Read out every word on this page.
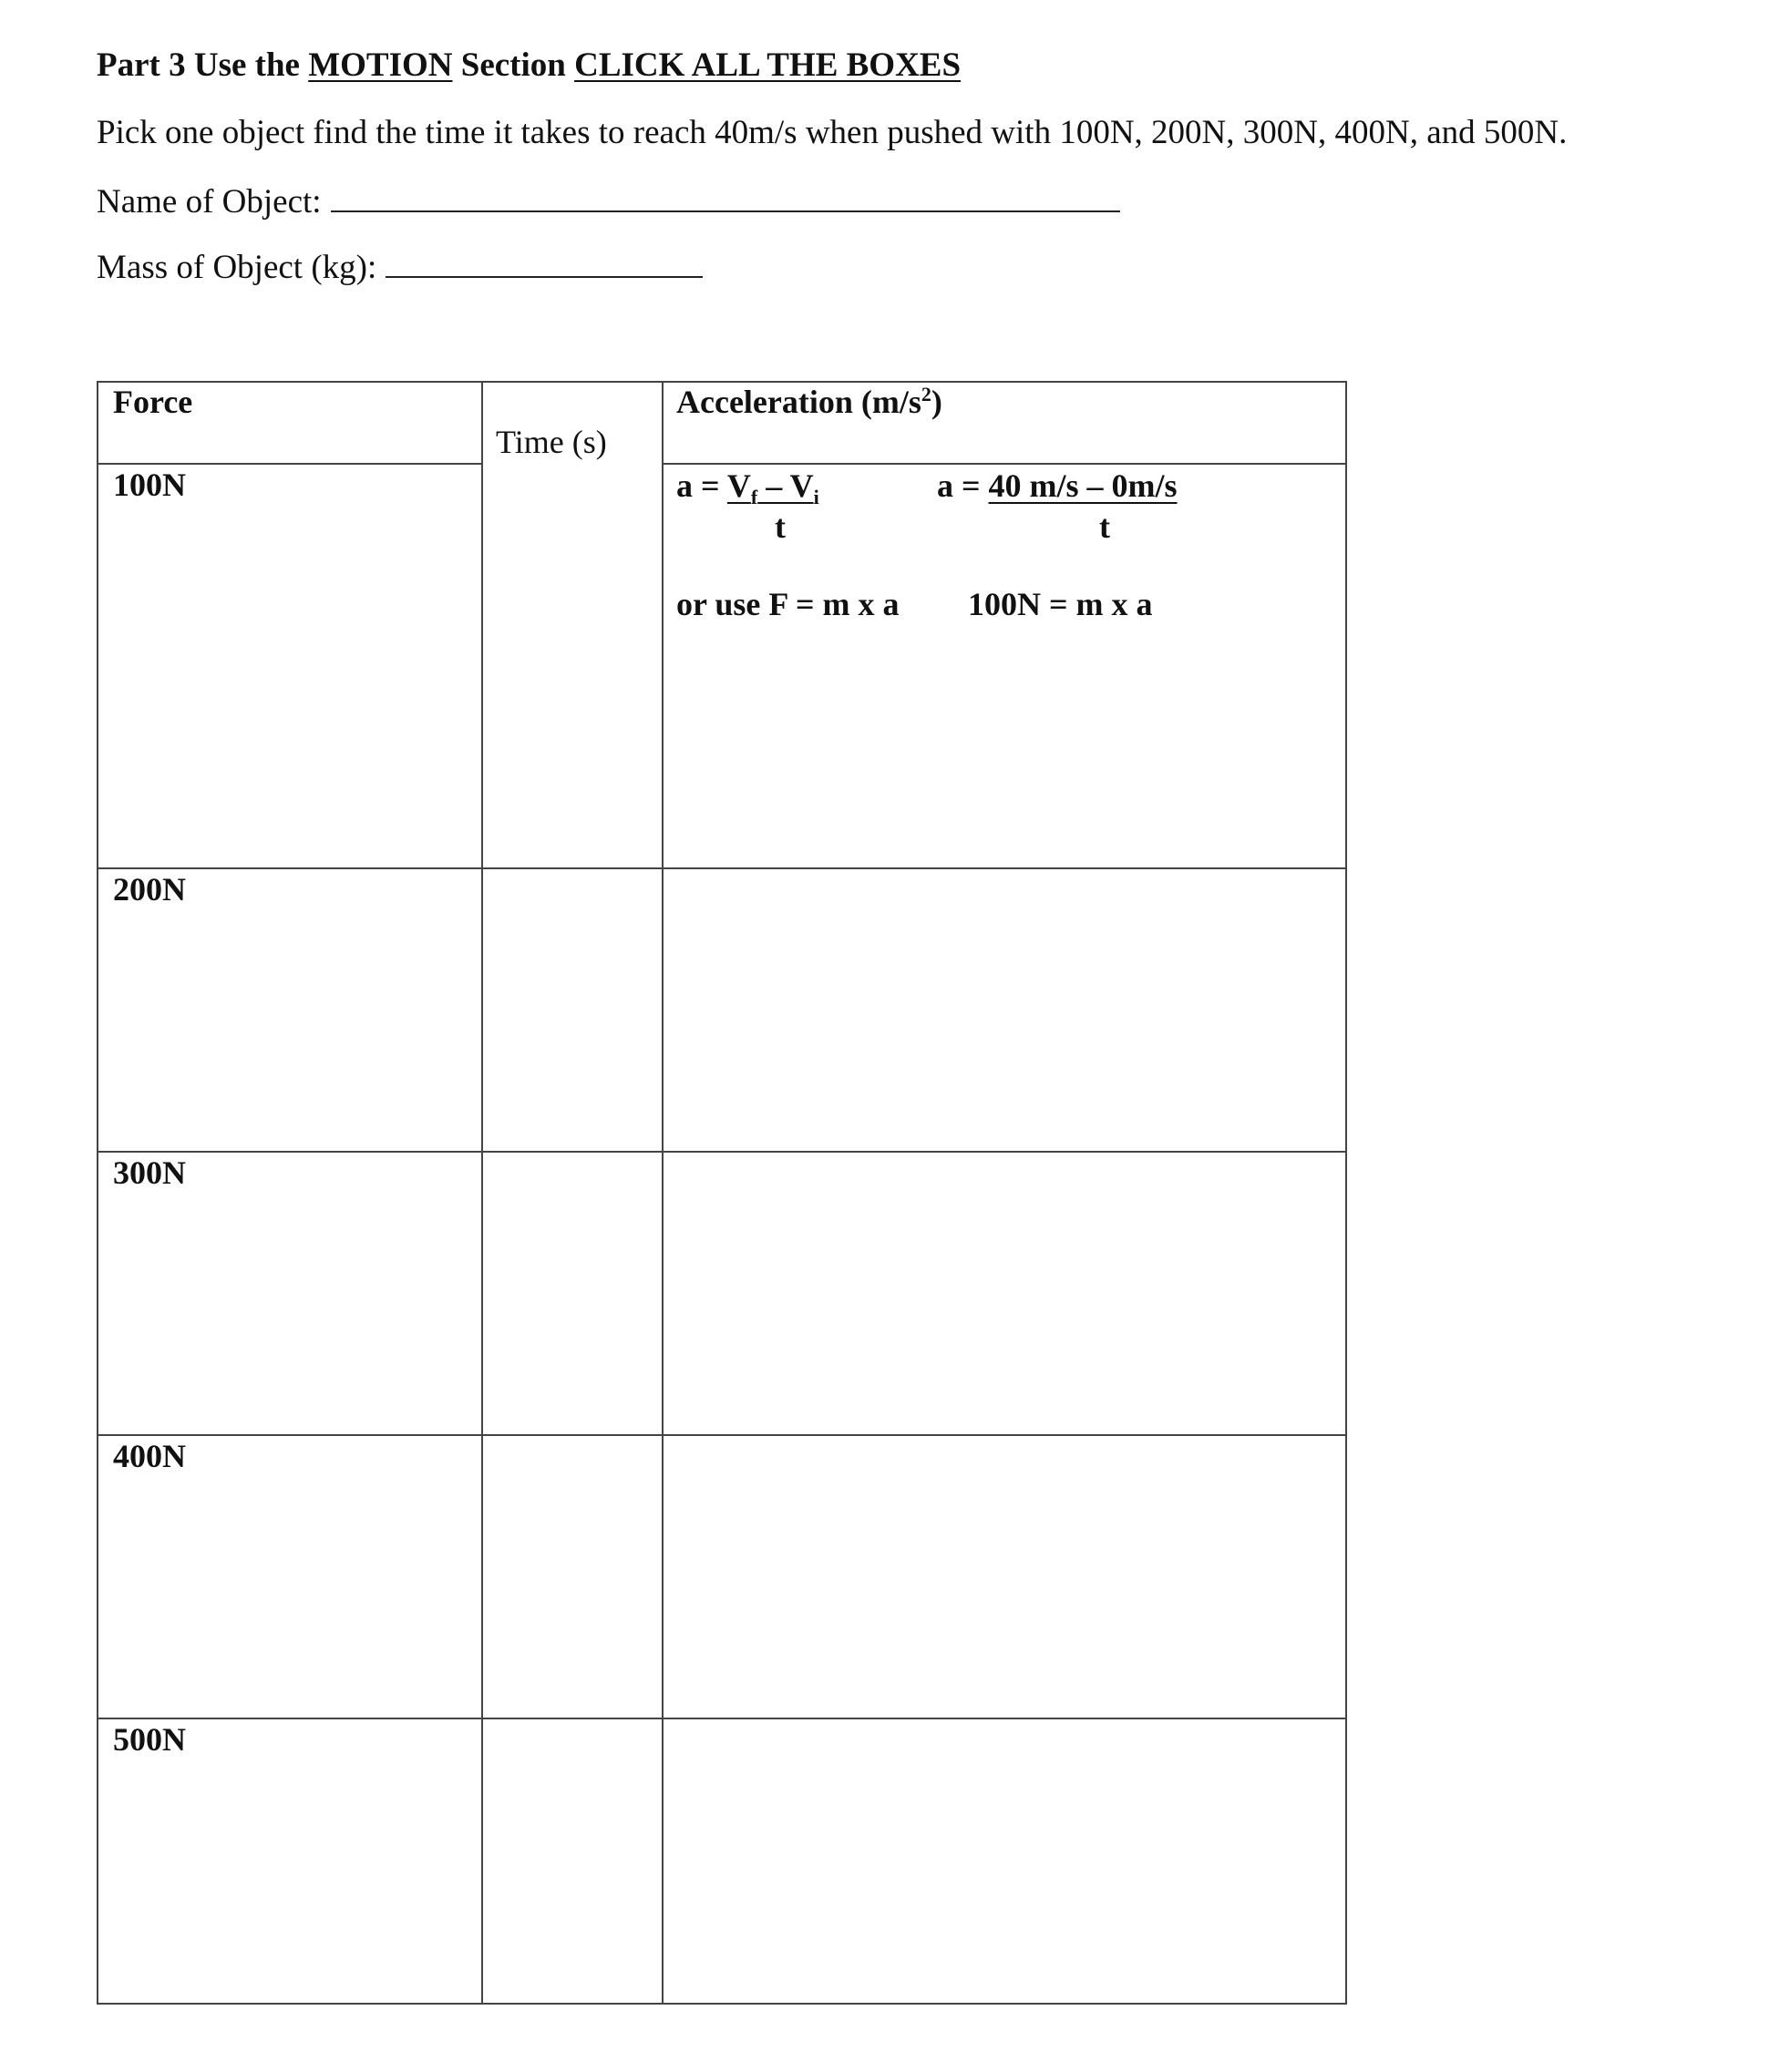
Part 3 Use the MOTION Section CLICK ALL THE BOXES
Pick one object find the time it takes to reach 40m/s when pushed with 100N, 200N, 300N, 400N, and 500N.
Name of Object:
Mass of Object (kg):
Force
Time (s)
Acceleration $(m/s^2)$
100N
200N
300N
400N
500N
$a = V_f - V_i$
t
a = 40 m/s – 0m/s
t
or use F = m x a 100N = m x a
